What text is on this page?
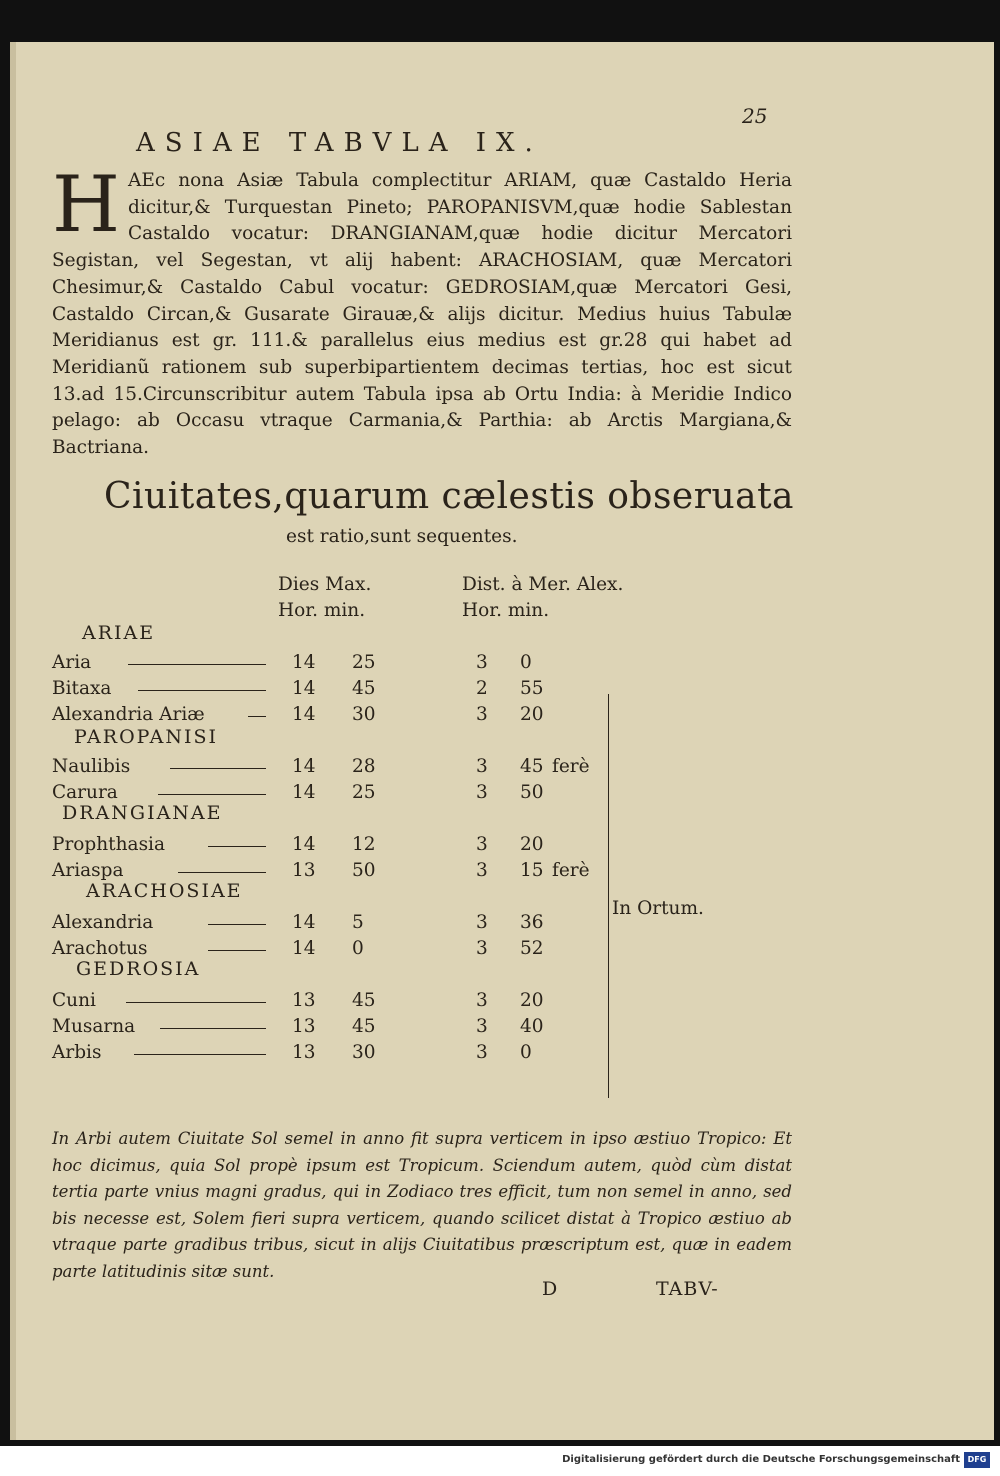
25
ASIAE TABVLA IX.
H AEc nona Asiæ Tabula complectitur ARIAM, quæ Castaldo Heria dicitur,& Turquestan Pineto; PAROPANISVM,quæ hodie Sablestan Castaldo vocatur: DRANGIANAM,quæ hodie dicitur Mercatori Segistan, vel Segestan, vt alij habent: ARACHOSIAM, quæ Mercatori Chesimur,& Castaldo Cabul vocatur: GEDROSIAM,quæ Mercatori Gesi, Castaldo Circan,& Gusarate Girauæ,& alijs dicitur. Medius huius Tabulæ Meridianus est gr. 111.& parallelus eius medius est gr.28 qui habet ad Meridianũ rationem sub superbipartientem decimas tertias, hoc est sicut 13.ad 15.Circunscribitur autem Tabula ipsa ab Ortu India: à Meridie Indico pelago: ab Occasu vtraque Carmania,& Parthia: ab Arctis Margiana,& Bactriana.
Ciuitates,quarum cælestis obseruata
est ratio,sunt sequentes.
Dies Max.
Hor. min.
Dist. à Mer. Alex.
Hor. min.
ARIAE
PAROPANISI
DRANGIANAE
ARACHOSIAE
GEDROSIA
Aria	14 25	3 0
Bitaxa	14 45	2 55
Alexandria Ariæ	14 30	3 20
Naulibis	14 28	3 45 ferè
Carura	14 25	3 50
Prophthasia	14 12	3 20
Ariaspa	13 50	3 15 ferè
Alexandria	14 5	3 36
Arachotus	14 0	3 52
Cuni	13 45	3 20
Musarna	13 45	3 40
Arbis	13 30	3 0
In Ortum.
In Arbi autem Ciuitate Sol semel in anno fit supra verticem in ipso æstiuo Tropico: Et hoc dicimus, quia Sol propè ipsum est Tropicum. Sciendum autem, quòd cùm distat tertia parte vnius magni gradus, qui in Zodiaco tres efficit, tum non semel in anno, sed bis necesse est, Solem fieri supra verticem, quando scilicet distat à Tropico æstiuo ab vtraque parte gradibus tribus, sicut in alijs Ciuitatibus præscriptum est, quæ in eadem parte latitudinis sitæ sunt.
D	TABV-
Digitalisierung gefördert durch die Deutsche Forschungsgemeinschaft DFG
